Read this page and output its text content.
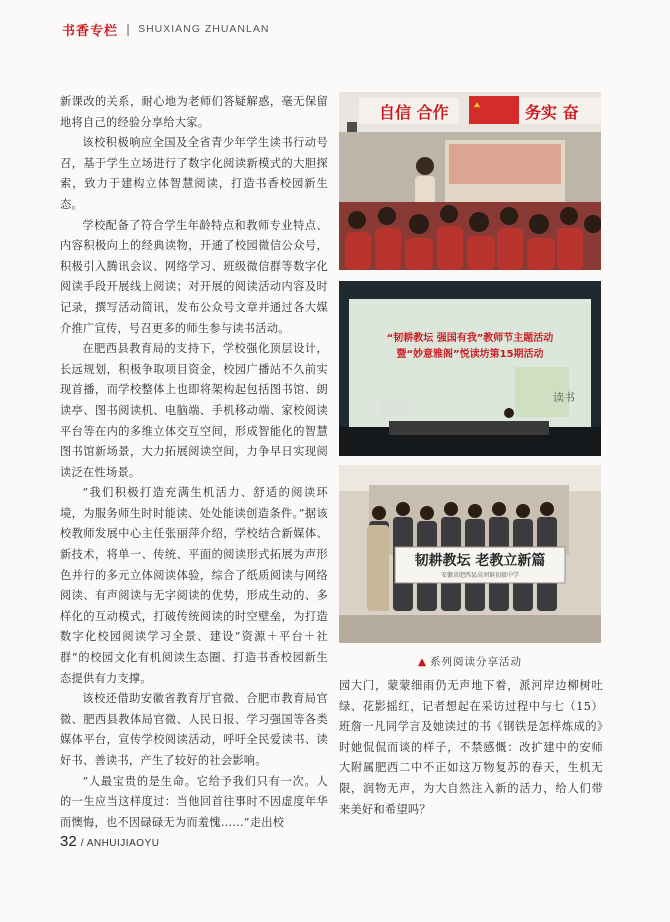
书香专栏 | SHUXIANG ZHUANLAN

新课改的关系，耐心地为老师们答疑解惑，毫无保留地将自己的经验分享给大家。

该校积极响应全国及全省青少年学生读书行动号召，基于学生立场进行了数字化阅读新模式的大胆探索，致力于建构立体智慧阅读，打造书香校园新生态。

学校配备了符合学生年龄特点和教师专业特点、内容积极向上的经典读物，开通了校园微信公众号，积极引入腾讯会议、网络学习、班级微信群等数字化阅读手段开展线上阅读；对开展的阅读活动内容及时记录，撰写活动简讯，发布公众号文章并通过各大媒介推广宣传，号召更多的师生参与读书活动。

在肥西县教育局的支持下，学校强化顶层设计，长远规划，积极争取项目资金，校园广播站不久前实现首播，而学校整体上也即将架构起包括图书馆、朗读亭、图书阅读机、电脑端、手机移动端、家校阅读平台等在内的多维立体交互空间，形成智能化的智慧图书馆新场景，大力拓展阅读空间，力争早日实现阅读泛在性场景。

“我们积极打造充满生机活力、舒适的阅读环境，为服务师生时时能读、处处能读创造条件。”据该校教师发展中心主任张丽萍介绍，学校结合新媒体、新技术，将单一、传统、平面的阅读形式拓展为声形色并行的多元立体阅读体验，综合了纸质阅读与网络阅读、有声阅读与无字阅读的优势，形成生动的、多样化的互动模式，打破传统阅读的时空壁垒，为打造数字化校园阅读学习全景、建设“资源＋平台＋社群”的校园文化有机阅读生态圈、打造书香校园新生态提供有力支撑。

该校还借助安徽省教育厅官微、合肥市教育局官微、肥西县教体局官微、人民日报、学习强国等各类媒体平台，宣传学校阅读活动，呼吁全民爱读书、读好书、善读书，产生了较好的社会影响。

“人最宝贵的是生命。它给予我们只有一次。人的一生应当这样度过：当他回首往事时不因虚度年华而懊悔，也不因碌碌无为而羞愧……”走出校

自信 合作	务实 奋
“韧耕教坛 强国有我”教师节主题活动
暨“妙意雅阁”悦读坊第15期活动
读书
韧耕教坛 老教立新篇
安徽省肥西县高刘镇初级中学
▲ 系列阅读分享活动

园大门，蒙蒙细雨仍无声地下着，派河岸边柳树吐绿、花影摇红，记者想起在采访过程中与七（15）班詹一凡同学言及她读过的书《钢铁是怎样炼成的》时她侃侃而谈的样子，不禁感慨：改扩建中的安师大附属肥西二中不正如这万物复苏的春天，生机无限，润物无声，为大自然注入新的活力，给人们带来美好和希望吗？

32 / ANHUIJIAOYU
